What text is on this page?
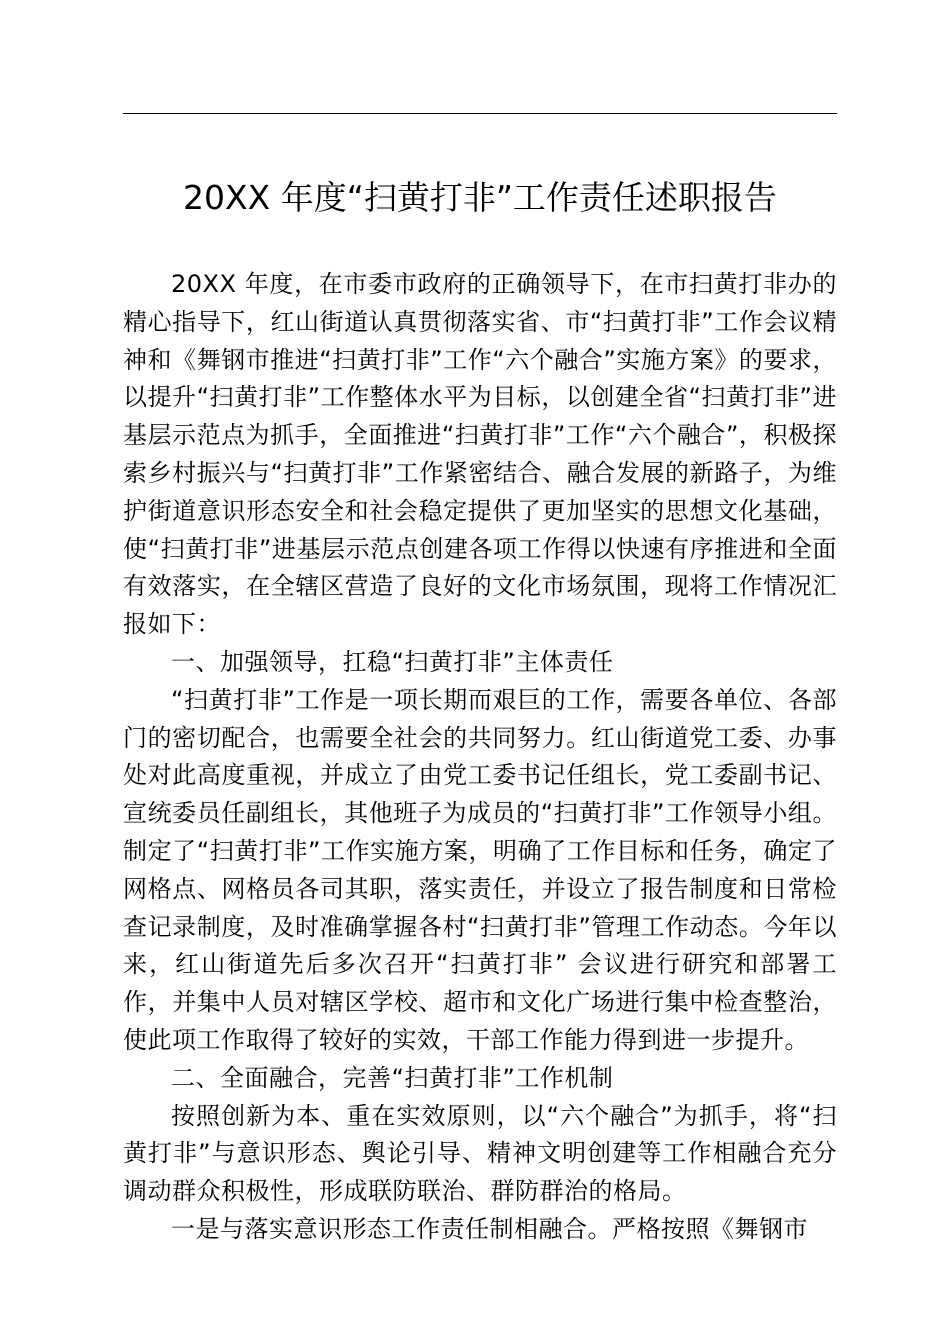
20XX 年度“扫黄打非”工作责任述职报告

20XX 年度，在市委市政府的正确领导下，在市扫黄打非办的精心指导下，红山街道认真贯彻落实省、市“扫黄打非”工作会议精神和《舞钢市推进“扫黄打非”工作“六个融合”实施方案》的要求，以提升“扫黄打非”工作整体水平为目标，以创建全省“扫黄打非”进基层示范点为抓手，全面推进“扫黄打非”工作“六个融合”，积极探索乡村振兴与“扫黄打非”工作紧密结合、融合发展的新路子，为维护街道意识形态安全和社会稳定提供了更加坚实的思想文化基础，使“扫黄打非”进基层示范点创建各项工作得以快速有序推进和全面有效落实，在全辖区营造了良好的文化市场氛围，现将工作情况汇报如下：

一、加强领导，扛稳“扫黄打非”主体责任

“扫黄打非”工作是一项长期而艰巨的工作，需要各单位、各部门的密切配合，也需要全社会的共同努力。红山街道党工委、办事处对此高度重视，并成立了由党工委书记任组长，党工委副书记、宣统委员任副组长，其他班子为成员的“扫黄打非”工作领导小组。制定了“扫黄打非”工作实施方案，明确了工作目标和任务，确定了网格点、网格员各司其职，落实责任，并设立了报告制度和日常检查记录制度，及时准确掌握各村“扫黄打非”管理工作动态。今年以来，红山街道先后多次召开“扫黄打非” 会议进行研究和部署工作，并集中人员对辖区学校、超市和文化广场进行集中检查整治，使此项工作取得了较好的实效，干部工作能力得到进一步提升。

二、全面融合，完善“扫黄打非”工作机制

按照创新为本、重在实效原则，以“六个融合”为抓手，将“扫黄打非”与意识形态、舆论引导、精神文明创建等工作相融合充分调动群众积极性，形成联防联治、群防群治的格局。

一是与落实意识形态工作责任制相融合。严格按照《舞钢市
